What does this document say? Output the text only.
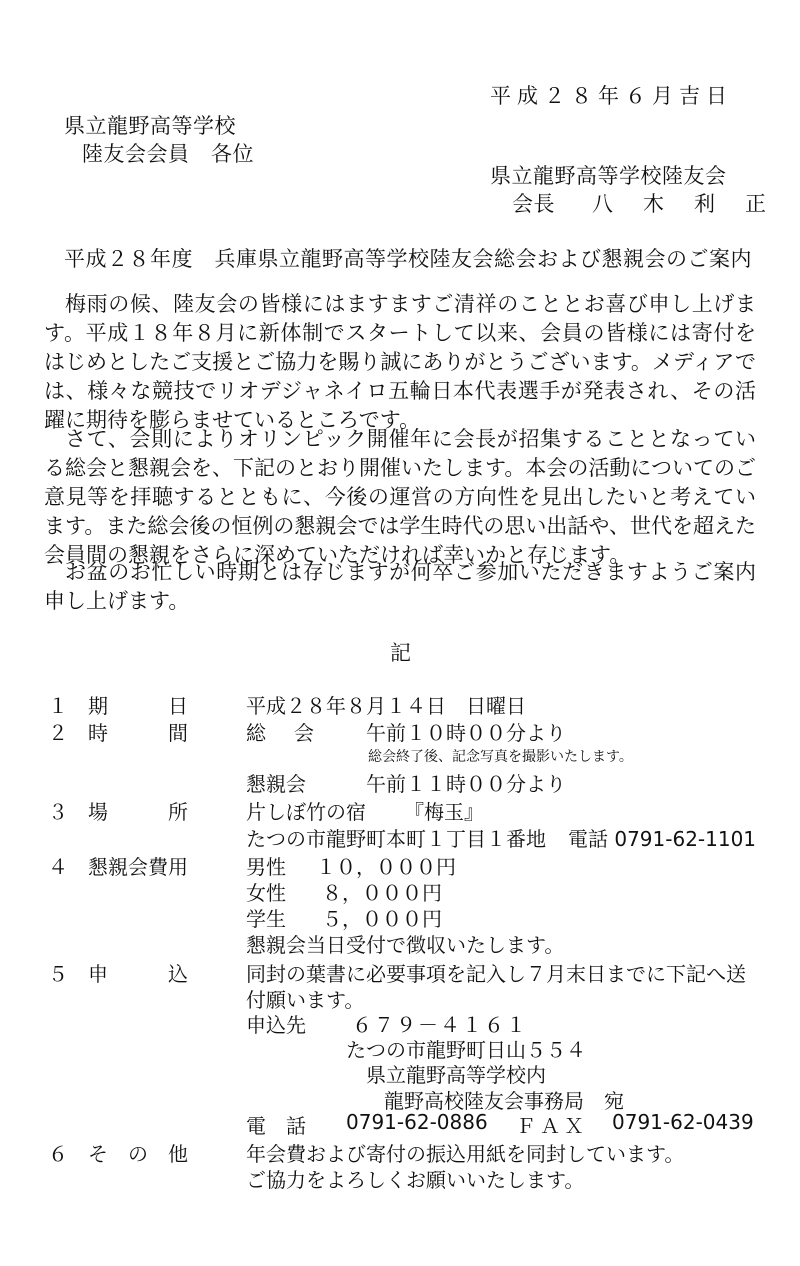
平成２８年６月吉日
県立龍野高等学校
陸友会会員　各位
県立龍野高等学校陸友会
会長 八木利正
平成２８年度　兵庫県立龍野高等学校陸友会総会および懇親会のご案内
梅雨の候、陸友会の皆様にはますますご清祥のこととお喜び申し上げます。平成１８年８月に新体制でスタートして以来、会員の皆様には寄付をはじめとしたご支援とご協力を賜り誠にありがとうございます。メディアでは、様々な競技でリオデジャネイロ五輪日本代表選手が発表され、その活躍に期待を膨らませているところです。
さて、会則によりオリンピック開催年に会長が招集することとなっている総会と懇親会を、下記のとおり開催いたします。本会の活動についてのご意見等を拝聴するとともに、今後の運営の方向性を見出したいと考えています。また総会後の恒例の懇親会では学生時代の思い出話や、世代を超えた会員間の懇親をさらに深めていただければ幸いかと存じます。
お盆のお忙しい時期とは存じますが何卒ご参加いただきますようご案内申し上げます。
記
１ 期	日	平成２８年８月１４日　日曜日
２ 時	間	総　会 午前１０時００分より
総会終了後、記念写真を撮影いたします。
懇親会	午前１１時００分より
３ 場	所	片しぼ竹の宿 『梅玉』
たつの市龍野町本町１丁目１番地 電話 0791-62-1101
４ 懇親会費用	男性 １０，０００円
女性 ８，０００円
学生 ５，０００円
懇親会当日受付で徴収いたします。
５ 申	込	同封の葉書に必要事項を記入し７月末日までに下記へ送
付願います。
申込先 ６７９－４１６１
たつの市龍野町日山５５４
県立龍野高等学校内
龍野高校陸友会事務局　宛
電　話 0791-62-0886 ＦＡＸ 0791-62-0439
６ そ の 他	年会費および寄付の振込用紙を同封しています。
ご協力をよろしくお願いいたします。
